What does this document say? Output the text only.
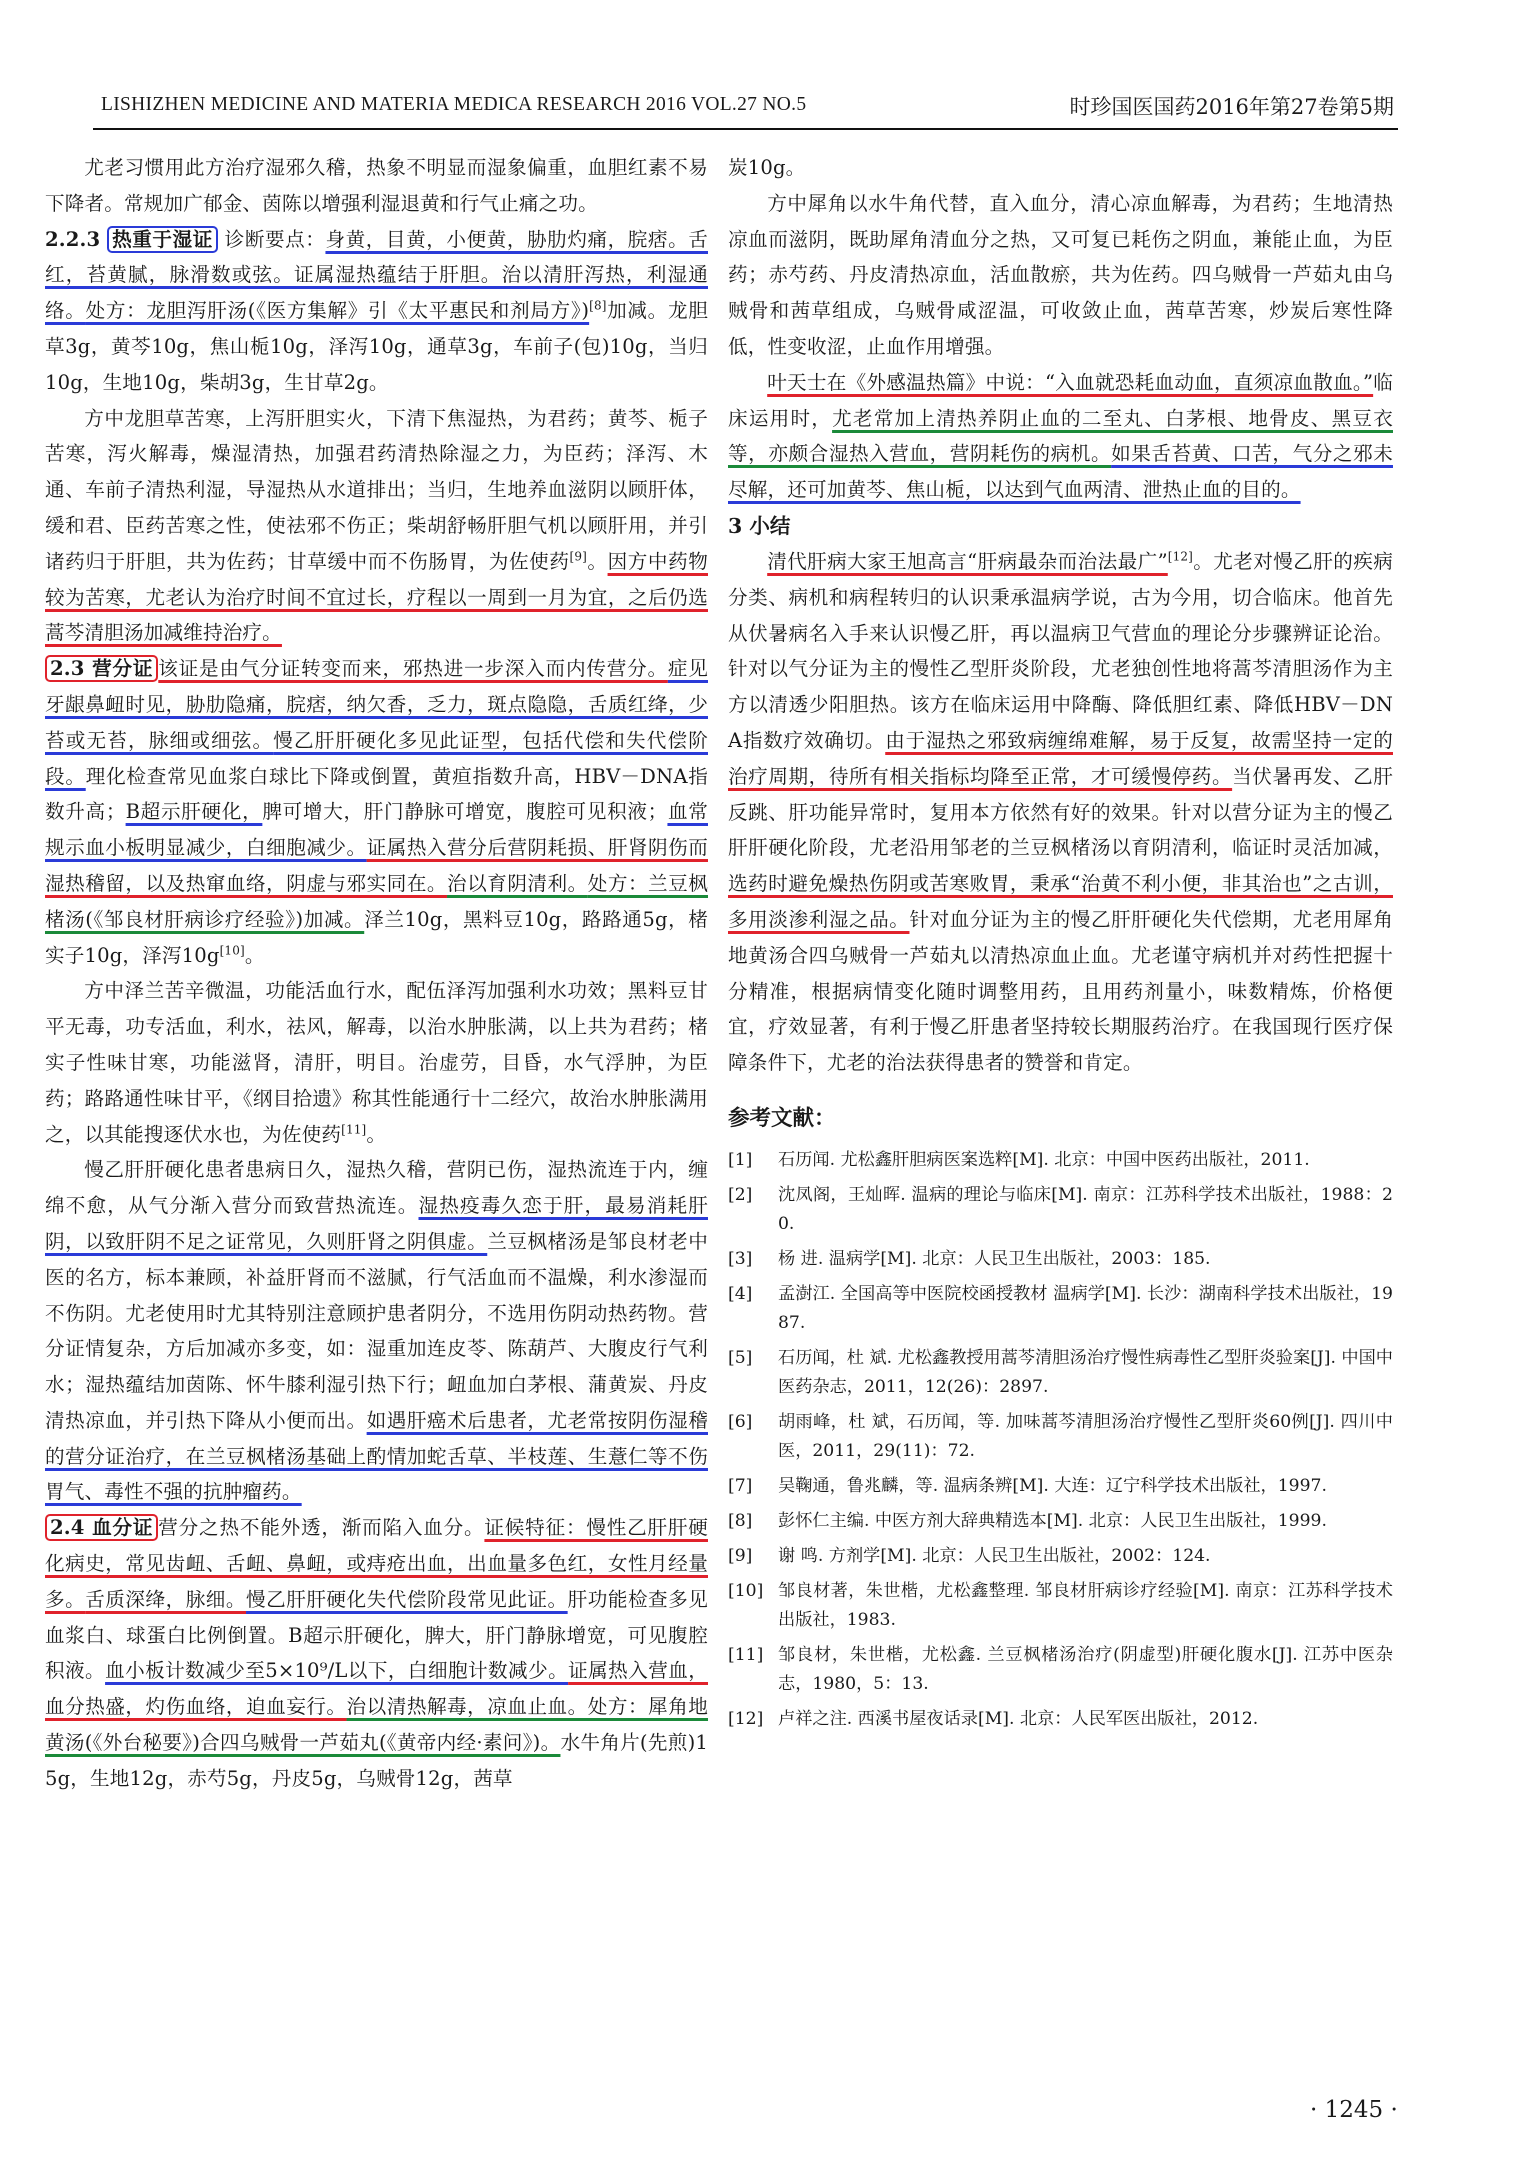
LISHIZHEN MEDICINE AND MATERIA MEDICA RESEARCH 2016 VOL.27 NO.5	时珍国医国药2016年第27卷第5期

尤老习惯用此方治疗湿邪久稽，热象不明显而湿象偏重，血胆红素不易下降者。常规加广郁金、茵陈以增强利湿退黄和行气止痛之功。

2.2.3 热重于湿证 诊断要点：身黄，目黄，小便黄，胁肋灼痛，脘痞。舌红，苔黄腻，脉滑数或弦。证属湿热蕴结于肝胆。治以清肝泻热，利湿通络。处方：龙胆泻肝汤(《医方集解》引《太平惠民和剂局方》)[8]加减。龙胆草3g，黄芩10g，焦山栀10g，泽泻10g，通草3g，车前子(包)10g，当归10g，生地10g，柴胡3g，生甘草2g。

方中龙胆草苦寒，上泻肝胆实火，下清下焦湿热，为君药；黄芩、栀子苦寒，泻火解毒，燥湿清热，加强君药清热除湿之力，为臣药；泽泻、木通、车前子清热利湿，导湿热从水道排出；当归，生地养血滋阴以顾肝体，缓和君、臣药苦寒之性，使祛邪不伤正；柴胡舒畅肝胆气机以顾肝用，并引诸药归于肝胆，共为佐药；甘草缓中而不伤肠胃，为佐使药[9]。因方中药物较为苦寒，尤老认为治疗时间不宜过长，疗程以一周到一月为宜，之后仍选蒿芩清胆汤加减维持治疗。

2.3 营分证 该证是由气分证转变而来，邪热进一步深入而内传营分。症见牙龈鼻衄时见，胁肋隐痛，脘痞，纳欠香，乏力，斑点隐隐，舌质红绛，少苔或无苔，脉细或细弦。慢乙肝肝硬化多见此证型，包括代偿和失代偿阶段。理化检查常见血浆白球比下降或倒置，黄疸指数升高，HBV－DNA指数升高；B超示肝硬化，脾可增大，肝门静脉可增宽，腹腔可见积液；血常规示血小板明显减少，白细胞减少。证属热入营分后营阴耗损、肝肾阴伤而湿热稽留，以及热窜血络，阴虚与邪实同在。治以育阴清利。处方：兰豆枫楮汤(《邹良材肝病诊疗经验》)加减。泽兰10g，黑料豆10g，路路通5g，楮实子10g，泽泻10g[10]。

方中泽兰苦辛微温，功能活血行水，配伍泽泻加强利水功效；黑料豆甘平无毒，功专活血，利水，祛风，解毒，以治水肿胀满，以上共为君药；楮实子性味甘寒，功能滋肾，清肝，明目。治虚劳，目昏，水气浮肿，为臣药；路路通性味甘平，《纲目拾遗》称其性能通行十二经穴，故治水肿胀满用之，以其能搜逐伏水也，为佐使药[11]。

慢乙肝肝硬化患者患病日久，湿热久稽，营阴已伤，湿热流连于内，缠绵不愈，从气分渐入营分而致营热流连。湿热疫毒久恋于肝，最易消耗肝阴，以致肝阴不足之证常见，久则肝肾之阴俱虚。兰豆枫楮汤是邹良材老中医的名方，标本兼顾，补益肝肾而不滋腻，行气活血而不温燥，利水渗湿而不伤阴。尤老使用时尤其特别注意顾护患者阴分，不选用伤阴动热药物。营分证情复杂，方后加减亦多变，如：湿重加连皮苓、陈葫芦、大腹皮行气利水；湿热蕴结加茵陈、怀牛膝利湿引热下行；衄血加白茅根、蒲黄炭、丹皮清热凉血，并引热下降从小便而出。如遇肝癌术后患者，尤老常按阴伤湿稽的营分证治疗，在兰豆枫楮汤基础上酌情加蛇舌草、半枝莲、生薏仁等不伤胃气、毒性不强的抗肿瘤药。

2.4 血分证 营分之热不能外透，渐而陷入血分。证候特征：慢性乙肝肝硬化病史，常见齿衄、舌衄、鼻衄，或痔疮出血，出血量多色红，女性月经量多。舌质深绛，脉细。慢乙肝肝硬化失代偿阶段常见此证。肝功能检查多见血浆白、球蛋白比例倒置。B超示肝硬化，脾大，肝门静脉增宽，可见腹腔积液。血小板计数减少至5×10⁹/L以下，白细胞计数减少。证属热入营血，血分热盛，灼伤血络，迫血妄行。治以清热解毒，凉血止血。处方：犀角地黄汤(《外台秘要》)合四乌贼骨一芦茹丸(《黄帝内经·素问》)。水牛角片(先煎)15g，生地12g，赤芍5g，丹皮5g，乌贼骨12g，茜草

炭10g。

方中犀角以水牛角代替，直入血分，清心凉血解毒，为君药；生地清热凉血而滋阴，既助犀角清血分之热，又可复已耗伤之阴血，兼能止血，为臣药；赤芍药、丹皮清热凉血，活血散瘀，共为佐药。四乌贼骨一芦茹丸由乌贼骨和茜草组成，乌贼骨咸涩温，可收敛止血，茜草苦寒，炒炭后寒性降低，性变收涩，止血作用增强。

叶天士在《外感温热篇》中说：“入血就恐耗血动血，直须凉血散血。”临床运用时，尤老常加上清热养阴止血的二至丸、白茅根、地骨皮、黑豆衣等，亦颇合湿热入营血，营阴耗伤的病机。如果舌苔黄、口苦，气分之邪未尽解，还可加黄芩、焦山栀，以达到气血两清、泄热止血的目的。

3 小结

清代肝病大家王旭高言“肝病最杂而治法最广”[12]。尤老对慢乙肝的疾病分类、病机和病程转归的认识秉承温病学说，古为今用，切合临床。他首先从伏暑病名入手来认识慢乙肝，再以温病卫气营血的理论分步骤辨证论治。针对以气分证为主的慢性乙型肝炎阶段，尤老独创性地将蒿芩清胆汤作为主方以清透少阳胆热。该方在临床运用中降酶、降低胆红素、降低HBV－DNA指数疗效确切。由于湿热之邪致病缠绵难解，易于反复，故需坚持一定的治疗周期，待所有相关指标均降至正常，才可缓慢停药。当伏暑再发、乙肝反跳、肝功能异常时，复用本方依然有好的效果。针对以营分证为主的慢乙肝肝硬化阶段，尤老沿用邹老的兰豆枫楮汤以育阴清利，临证时灵活加减，选药时避免燥热伤阴或苦寒败胃，秉承“治黄不利小便，非其治也”之古训，多用淡渗利湿之品。针对血分证为主的慢乙肝肝硬化失代偿期，尤老用犀角地黄汤合四乌贼骨一芦茹丸以清热凉血止血。尤老谨守病机并对药性把握十分精准，根据病情变化随时调整用药，且用药剂量小，味数精炼，价格便宜，疗效显著，有利于慢乙肝患者坚持较长期服药治疗。在我国现行医疗保障条件下，尤老的治法获得患者的赞誉和肯定。

参考文献：
[1]	石历闻. 尤松鑫肝胆病医案选粹[M]. 北京：中国中医药出版社，2011.
[2]	沈凤阁，王灿晖. 温病的理论与临床[M]. 南京：江苏科学技术出版社，1988：20.
[3]	杨 进. 温病学[M]. 北京：人民卫生出版社，2003：185.
[4]	孟澍江. 全国高等中医院校函授教材 温病学[M]. 长沙：湖南科学技术出版社，1987.
[5]	石历闻，杜 斌. 尤松鑫教授用蒿芩清胆汤治疗慢性病毒性乙型肝炎验案[J]. 中国中医药杂志，2011，12(26)：2897.
[6]	胡雨峰，杜 斌，石历闻，等. 加味蒿芩清胆汤治疗慢性乙型肝炎60例[J]. 四川中医，2011，29(11)：72.
[7]	吴鞠通，鲁兆麟，等. 温病条辨[M]. 大连：辽宁科学技术出版社，1997.
[8]	彭怀仁主编. 中医方剂大辞典精选本[M]. 北京：人民卫生出版社，1999.
[9]	谢 鸣. 方剂学[M]. 北京：人民卫生出版社，2002：124.
[10] 邹良材著，朱世楷，尤松鑫整理. 邹良材肝病诊疗经验[M]. 南京：江苏科学技术出版社，1983.
[11] 邹良材，朱世楷，尤松鑫. 兰豆枫楮汤治疗(阴虚型)肝硬化腹水[J]. 江苏中医杂志，1980，5：13.
[12] 卢祥之注. 西溪书屋夜话录[M]. 北京：人民军医出版社，2012.
· 1245 ·
